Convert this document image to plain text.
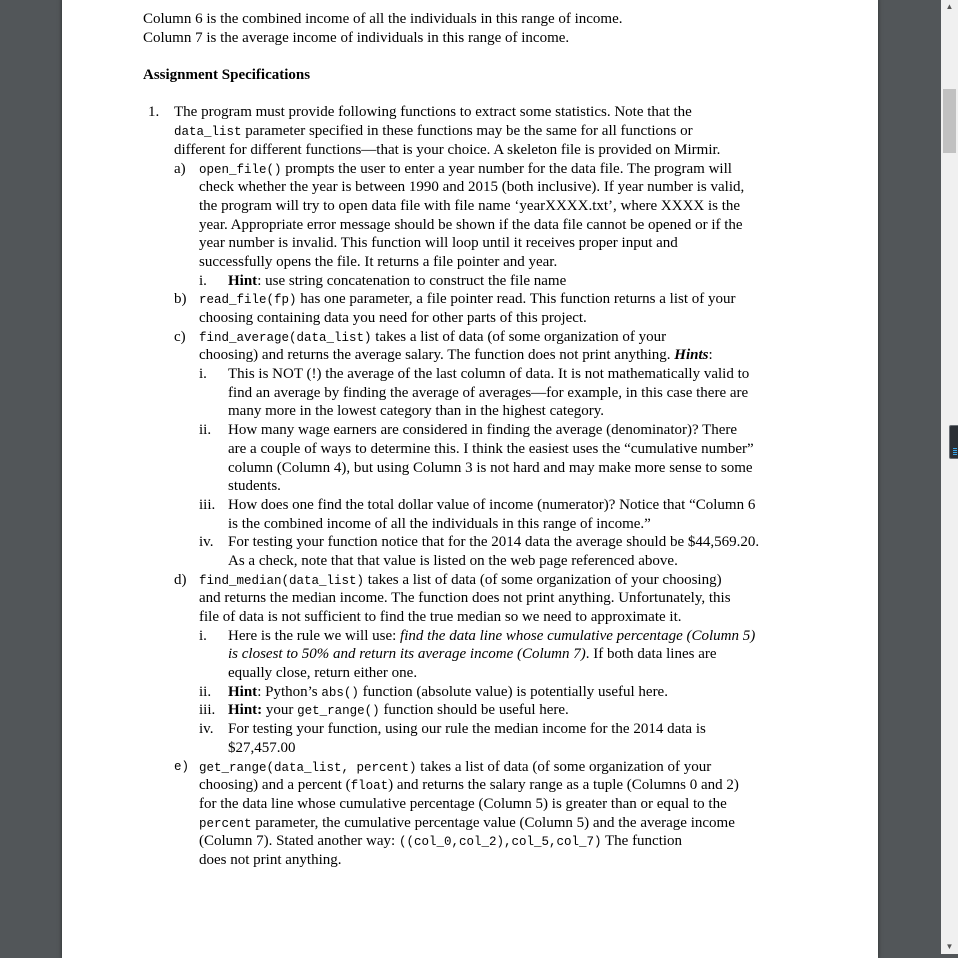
Column 6 is the combined income of all the individuals in this range of income.
Column 7 is the average income of individuals in this range of income.
Assignment Specifications
1. The program must provide following functions to extract some statistics. Note that the
data_list parameter specified in these functions may be the same for all functions or
different for different functions—that is your choice. A skeleton file is provided on Mirmir.
a) open_file() prompts the user to enter a year number for the data file. The program will
check whether the year is between 1990 and 2015 (both inclusive). If year number is valid,
the program will try to open data file with file name ‘yearXXXX.txt’, where XXXX is the
year. Appropriate error message should be shown if the data file cannot be opened or if the
year number is invalid. This function will loop until it receives proper input and
successfully opens the file. It returns a file pointer and year.
i. Hint: use string concatenation to construct the file name
b) read_file(fp) has one parameter, a file pointer read. This function returns a list of your
choosing containing data you need for other parts of this project.
c) find_average(data_list) takes a list of data (of some organization of your
choosing) and returns the average salary. The function does not print anything. Hints:
i. This is NOT (!) the average of the last column of data. It is not mathematically valid to
find an average by finding the average of averages—for example, in this case there are
many more in the lowest category than in the highest category.
ii. How many wage earners are considered in finding the average (denominator)? There
are a couple of ways to determine this. I think the easiest uses the “cumulative number”
column (Column 4), but using Column 3 is not hard and may make more sense to some
students.
iii. How does one find the total dollar value of income (numerator)? Notice that “Column 6
is the combined income of all the individuals in this range of income.”
iv. For testing your function notice that for the 2014 data the average should be $44,569.20.
As a check, note that that value is listed on the web page referenced above.
d) find_median(data_list) takes a list of data (of some organization of your choosing)
and returns the median income. The function does not print anything. Unfortunately, this
file of data is not sufficient to find the true median so we need to approximate it.
i. Here is the rule we will use: find the data line whose cumulative percentage (Column 5)
is closest to 50% and return its average income (Column 7). If both data lines are
equally close, return either one.
ii. Hint: Python’s abs() function (absolute value) is potentially useful here.
iii. Hint: your get_range() function should be useful here.
iv. For testing your function, using our rule the median income for the 2014 data is
$27,457.00
e) get_range(data_list, percent) takes a list of data (of some organization of your
choosing) and a percent (float) and returns the salary range as a tuple (Columns 0 and 2)
for the data line whose cumulative percentage (Column 5) is greater than or equal to the
percent parameter, the cumulative percentage value (Column 5) and the average income
(Column 7). Stated another way: ((col_0,col_2),col_5,col_7) The function
does not print anything.
▲
▼
